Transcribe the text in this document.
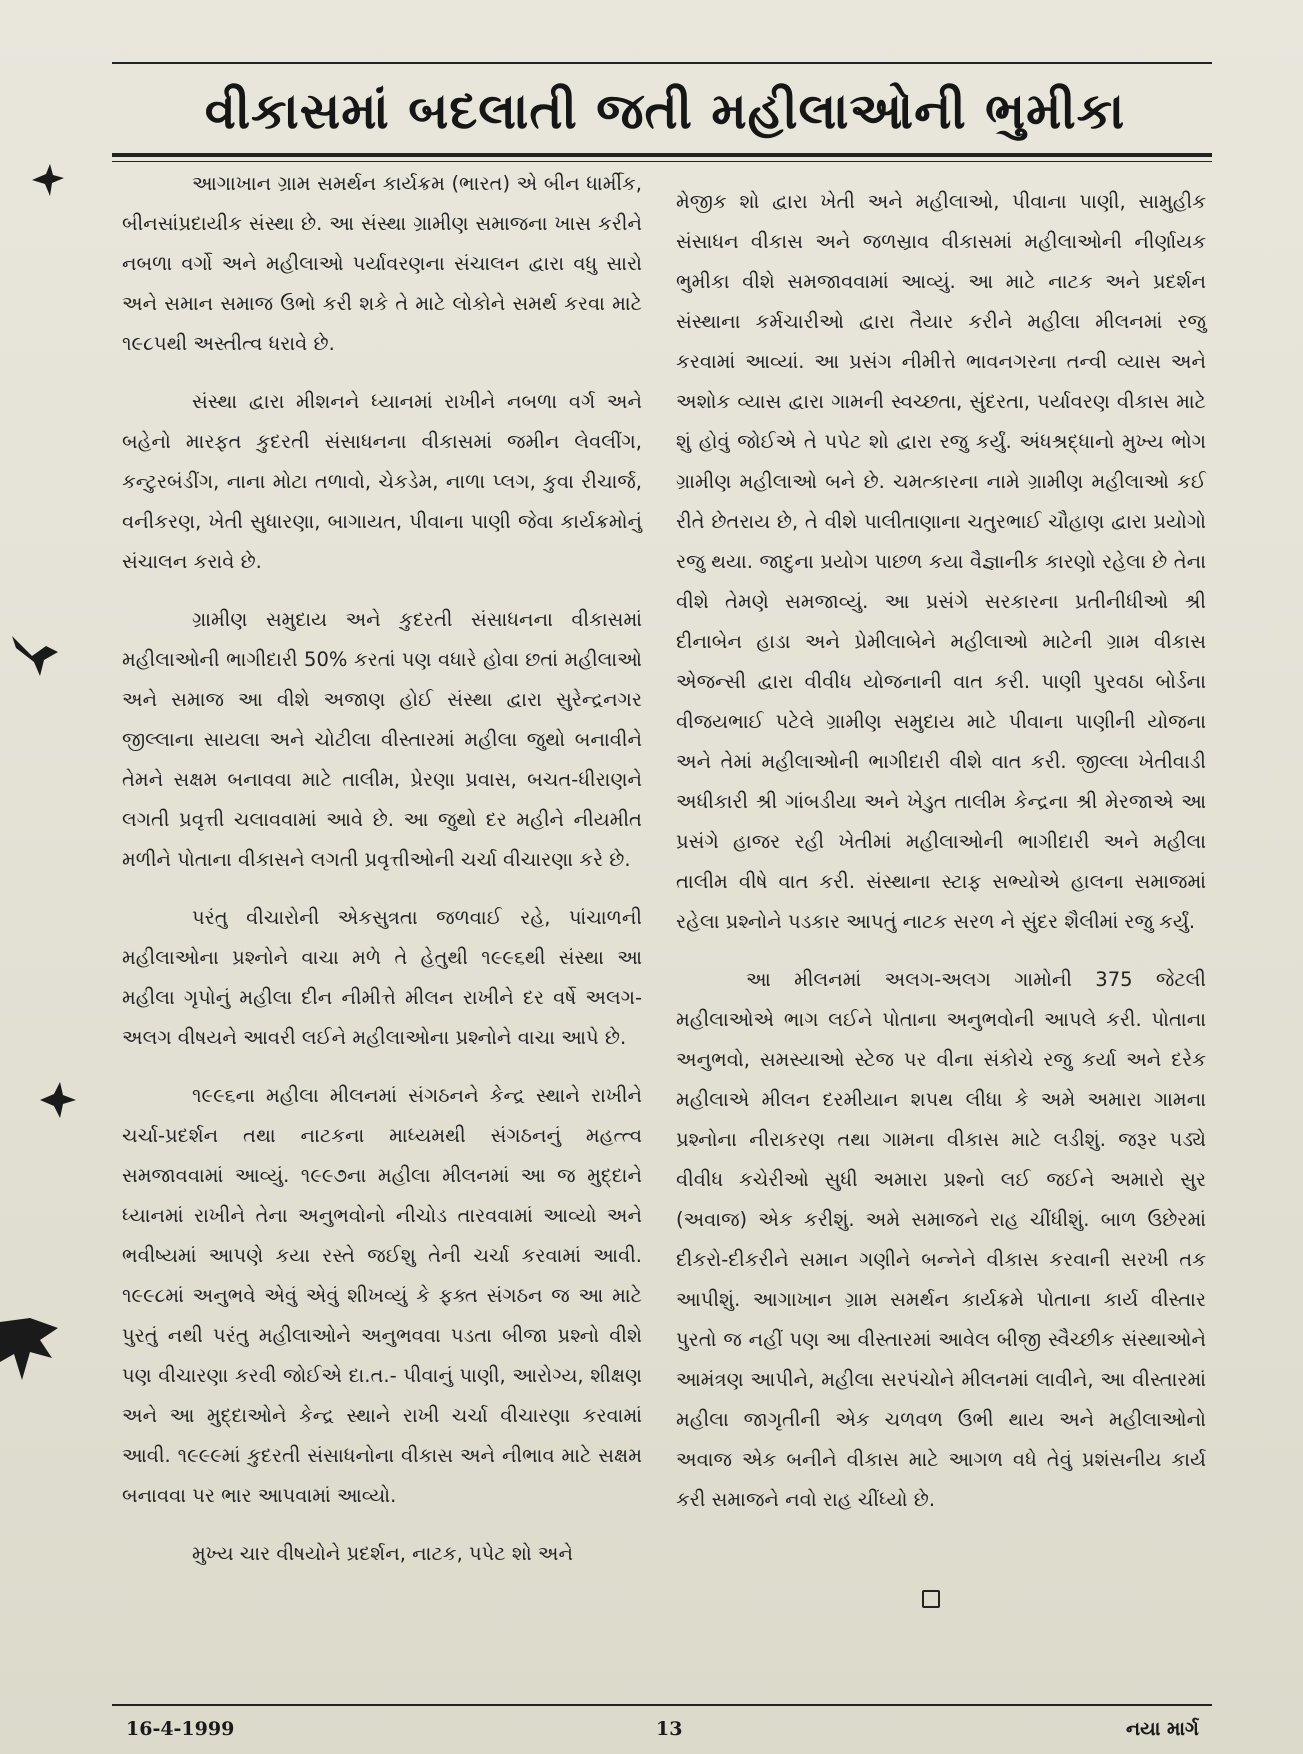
વીકાસમાં બદલાતી જતી મહીલાઓની ભુમીકા

આગાખાન ગ્રામ સમર્થન કાર્યક્રમ (ભારત) એ બીન ધાર્મીક, બીનસાંપ્રદાયીક સંસ્થા છે. આ સંસ્થા ગ્રામીણ સમાજના ખાસ કરીને નબળા વર્ગો અને મહીલાઓ પર્યાવરણના સંચાલન દ્વારા વધુ સારો અને સમાન સમાજ ઉભો કરી શકે તે માટે લોકોને સમર્થ કરવા માટે ૧૯૮૫થી અસ્તીત્વ ધરાવે છે.

સંસ્થા દ્વારા મીશનને ધ્યાનમાં રાખીને નબળા વર્ગ અને બહેનો મારફત કુદરતી સંસાધનના વીકાસમાં જમીન લેવલીંગ, કન્ટુરબંડીંગ, નાના મોટા તળાવો, ચેકડેમ, નાળા પ્લગ, કુવા રીચાર્જ, વનીકરણ, ખેતી સુધારણા, બાગાયત, પીવાના પાણી જેવા કાર્યક્રમોનું સંચાલન કરાવે છે.

ગ્રામીણ સમુદાય અને કુદરતી સંસાધનના વીકાસમાં મહીલાઓની ભાગીદારી 50% કરતાં પણ વધારે હોવા છતાં મહીલાઓ અને સમાજ આ વીશે અજાણ હોઈ સંસ્થા દ્વારા સુરેન્દ્રનગર જીલ્લાના સાયલા અને ચોટીલા વીસ્તારમાં મહીલા જુથો બનાવીને તેમને સક્ષમ બનાવવા માટે તાલીમ, પ્રેરણા પ્રવાસ, બચત-ધીરાણને લગતી પ્રવૃત્તી ચલાવવામાં આવે છે. આ જુથો દર મહીને નીયમીત મળીને પોતાના વીકાસને લગતી પ્રવૃત્તીઓની ચર્ચા વીચારણા કરે છે.

પરંતુ વીચારોની એકસુત્રતા જળવાઈ રહે, પાંચાળની મહીલાઓના પ્રશ્નોને વાચા મળે તે હેતુથી ૧૯૯૬થી સંસ્થા આ મહીલા ગૃપોનું મહીલા દીન નીમીત્તે મીલન રાખીને દર વર્ષે અલગ-અલગ વીષયને આવરી લઈને મહીલાઓના પ્રશ્નોને વાચા આપે છે.

૧૯૯૬ના મહીલા મીલનમાં સંગઠનને કેન્દ્ર સ્થાને રાખીને ચર્ચા-પ્રદર્શન તથા નાટકના માધ્યમથી સંગઠનનું મહત્ત્વ સમજાવવામાં આવ્યું. ૧૯૯૭ના મહીલા મીલનમાં આ જ મુદ્દાને ધ્યાનમાં રાખીને તેના અનુભવોનો નીચોડ તારવવામાં આવ્યો અને ભવીષ્યમાં આપણે કયા રસ્તે જઈશુ તેની ચર્ચા કરવામાં આવી. ૧૯૯૮માં અનુભવે એવું એવું શીખવ્યું કે ફક્ત સંગઠન જ આ માટે પુરતું નથી પરંતુ મહીલાઓને અનુભવવા પડતા બીજા પ્રશ્નો વીશે પણ વીચારણા કરવી જોઈએ દા.ત.- પીવાનું પાણી, આરોગ્ય, શીક્ષણ અને આ મુદ્દાઓને કેન્દ્ર સ્થાને રાખી ચર્ચા વીચારણા કરવામાં આવી. ૧૯૯૯માં કુદરતી સંસાધનોના વીકાસ અને નીભાવ માટે સક્ષમ બનાવવા પર ભાર આપવામાં આવ્યો.

મુખ્ય ચાર વીષયોને પ્રદર્શન, નાટક, પપેટ શો અને

મેજીક શો દ્વારા ખેતી અને મહીલાઓ, પીવાના પાણી, સામુહીક સંસાધન વીકાસ અને જળસ્રાવ વીકાસમાં મહીલાઓની નીર્ણાયક ભુમીકા વીશે સમજાવવામાં આવ્યું. આ માટે નાટક અને પ્રદર્શન સંસ્થાના કર્મચારીઓ દ્વારા તૈયાર કરીને મહીલા મીલનમાં રજુ કરવામાં આવ્યાં. આ પ્રસંગ નીમીત્તે ભાવનગરના તન્વી વ્યાસ અને અશોક વ્યાસ દ્વારા ગામની સ્વચ્છતા, સુંદરતા, પર્યાવરણ વીકાસ માટે શું હોવું જોઈએ તે પપેટ શો દ્વારા રજુ કર્યું. અંધશ્રદ્ધાનો મુખ્ય ભોગ ગ્રામીણ મહીલાઓ બને છે. ચમત્કારના નામે ગ્રામીણ મહીલાઓ કઈ રીતે છેતરાય છે, તે વીશે પાલીતાણાના ચતુરભાઈ ચૌહાણ દ્વારા પ્રયોગો રજુ થયા. જાદુના પ્રયોગ પાછળ કયા વૈજ્ઞાનીક કારણો રહેલા છે તેના વીશે તેમણે સમજાવ્યું. આ પ્રસંગે સરકારના પ્રતીનીધીઓ શ્રી દીનાબેન હાડા અને પ્રેમીલાબેને મહીલાઓ માટેની ગ્રામ વીકાસ એજન્સી દ્વારા વીવીધ યોજનાની વાત કરી. પાણી પુરવઠા બોર્ડના વીજયભાઈ પટેલે ગ્રામીણ સમુદાય માટે પીવાના પાણીની યોજના અને તેમાં મહીલાઓની ભાગીદારી વીશે વાત કરી. જીલ્લા ખેતીવાડી અધીકારી શ્રી ગાંબડીયા અને ખેડુત તાલીમ કેન્દ્રના શ્રી મેરજાએ આ પ્રસંગે હાજર રહી ખેતીમાં મહીલાઓની ભાગીદારી અને મહીલા તાલીમ વીષે વાત કરી. સંસ્થાના સ્ટાફ સભ્યોએ હાલના સમાજમાં રહેલા પ્રશ્નોને પડકાર આપતું નાટક સરળ ને સુંદર શૈલીમાં રજુ કર્યું.

આ મીલનમાં અલગ-અલગ ગામોની 375 જેટલી મહીલાઓએ ભાગ લઈને પોતાના અનુભવોની આપલે કરી. પોતાના અનુભવો, સમસ્યાઓ સ્ટેજ પર વીના સંકોચે રજુ કર્યા અને દરેક મહીલાએ મીલન દરમીયાન શપથ લીધા કે અમે અમારા ગામના પ્રશ્નોના નીરાકરણ તથા ગામના વીકાસ માટે લડીશું. જરૂર પડ્યે વીવીધ કચેરીઓ સુધી અમારા પ્રશ્નો લઈ જઈને અમારો સુર (અવાજ) એક કરીશું. અમે સમાજને રાહ ચીંધીશું. બાળ ઉછેરમાં દીકરો-દીકરીને સમાન ગણીને બન્નેને વીકાસ કરવાની સરખી તક આપીશું. આગાખાન ગ્રામ સમર્થન કાર્યક્રમે પોતાના કાર્ય વીસ્તાર પુરતો જ નહીં પણ આ વીસ્તારમાં આવેલ બીજી સ્વૈચ્છીક સંસ્થાઓને આમંત્રણ આપીને, મહીલા સરપંચોને મીલનમાં લાવીને, આ વીસ્તારમાં મહીલા જાગૃતીની એક ચળવળ ઉભી થાય અને મહીલાઓનો અવાજ એક બનીને વીકાસ માટે આગળ વધે તેવું પ્રશંસનીય કાર્ય કરી સમાજને નવો રાહ ચીંધ્યો છે.

16-4-1999	13	નયા માર્ગ
